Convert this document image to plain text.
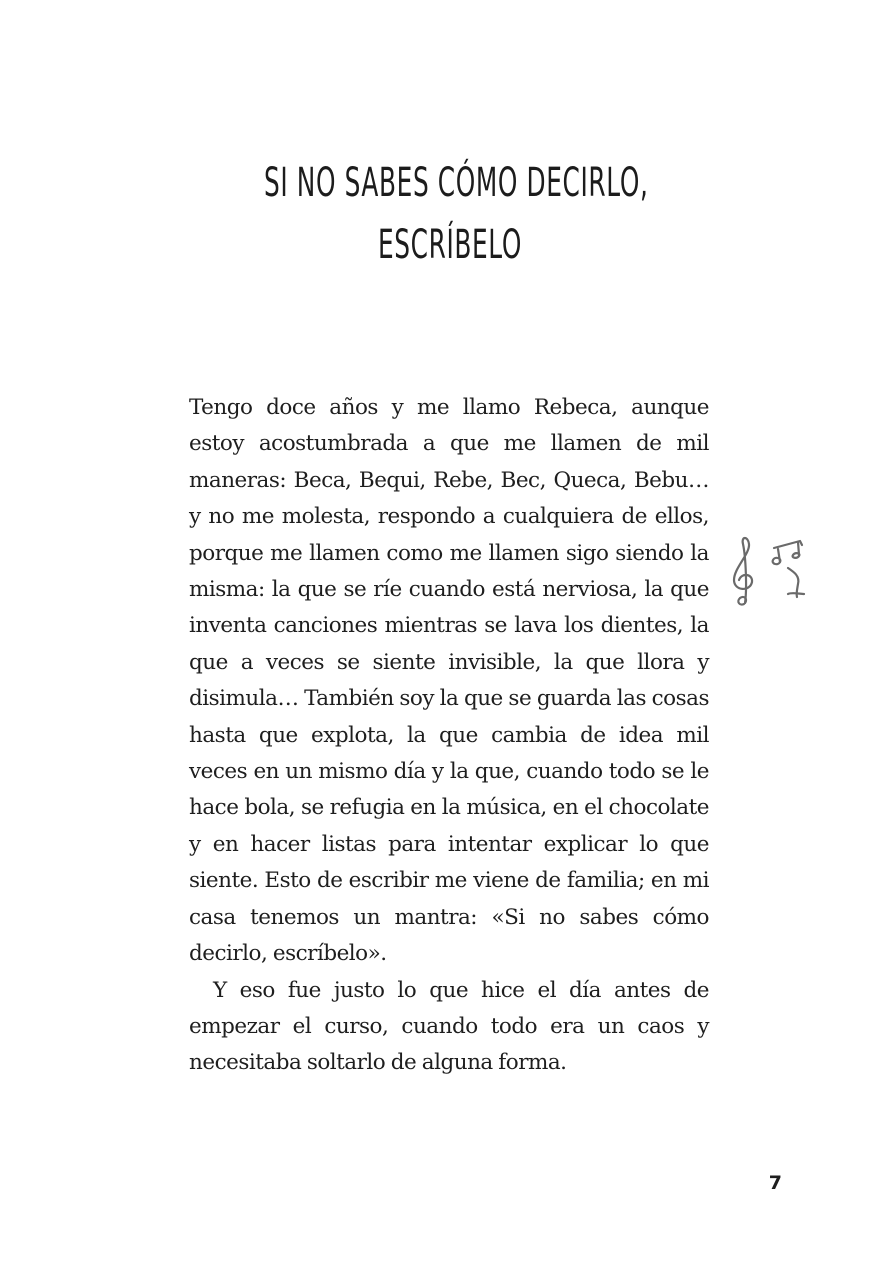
SI NO SABES CÓMO DECIRLO,
ESCRÍBELO

Tengo doce años y me llamo Rebeca, aunque estoy acostumbrada a que me llamen de mil maneras: Beca, Bequi, Rebe, Bec, Queca, Bebu… y no me molesta, respondo a cualquiera de ellos, porque me llamen como me llamen sigo siendo la misma: la que se ríe cuando está nerviosa, la que inventa canciones mientras se lava los dientes, la que a veces se siente invisible, la que llora y disimula… También soy la que se guarda las cosas hasta que explota, la que cambia de idea mil veces en un mismo día y la que, cuando todo se le hace bola, se refugia en la música, en el chocolate y en hacer listas para intentar explicar lo que siente. Esto de escribir me viene de familia; en mi casa tenemos un mantra: «Si no sabes cómo decirlo, escríbelo».

Y eso fue justo lo que hice el día antes de empezar el curso, cuando todo era un caos y necesitaba soltarlo de alguna forma.

7
